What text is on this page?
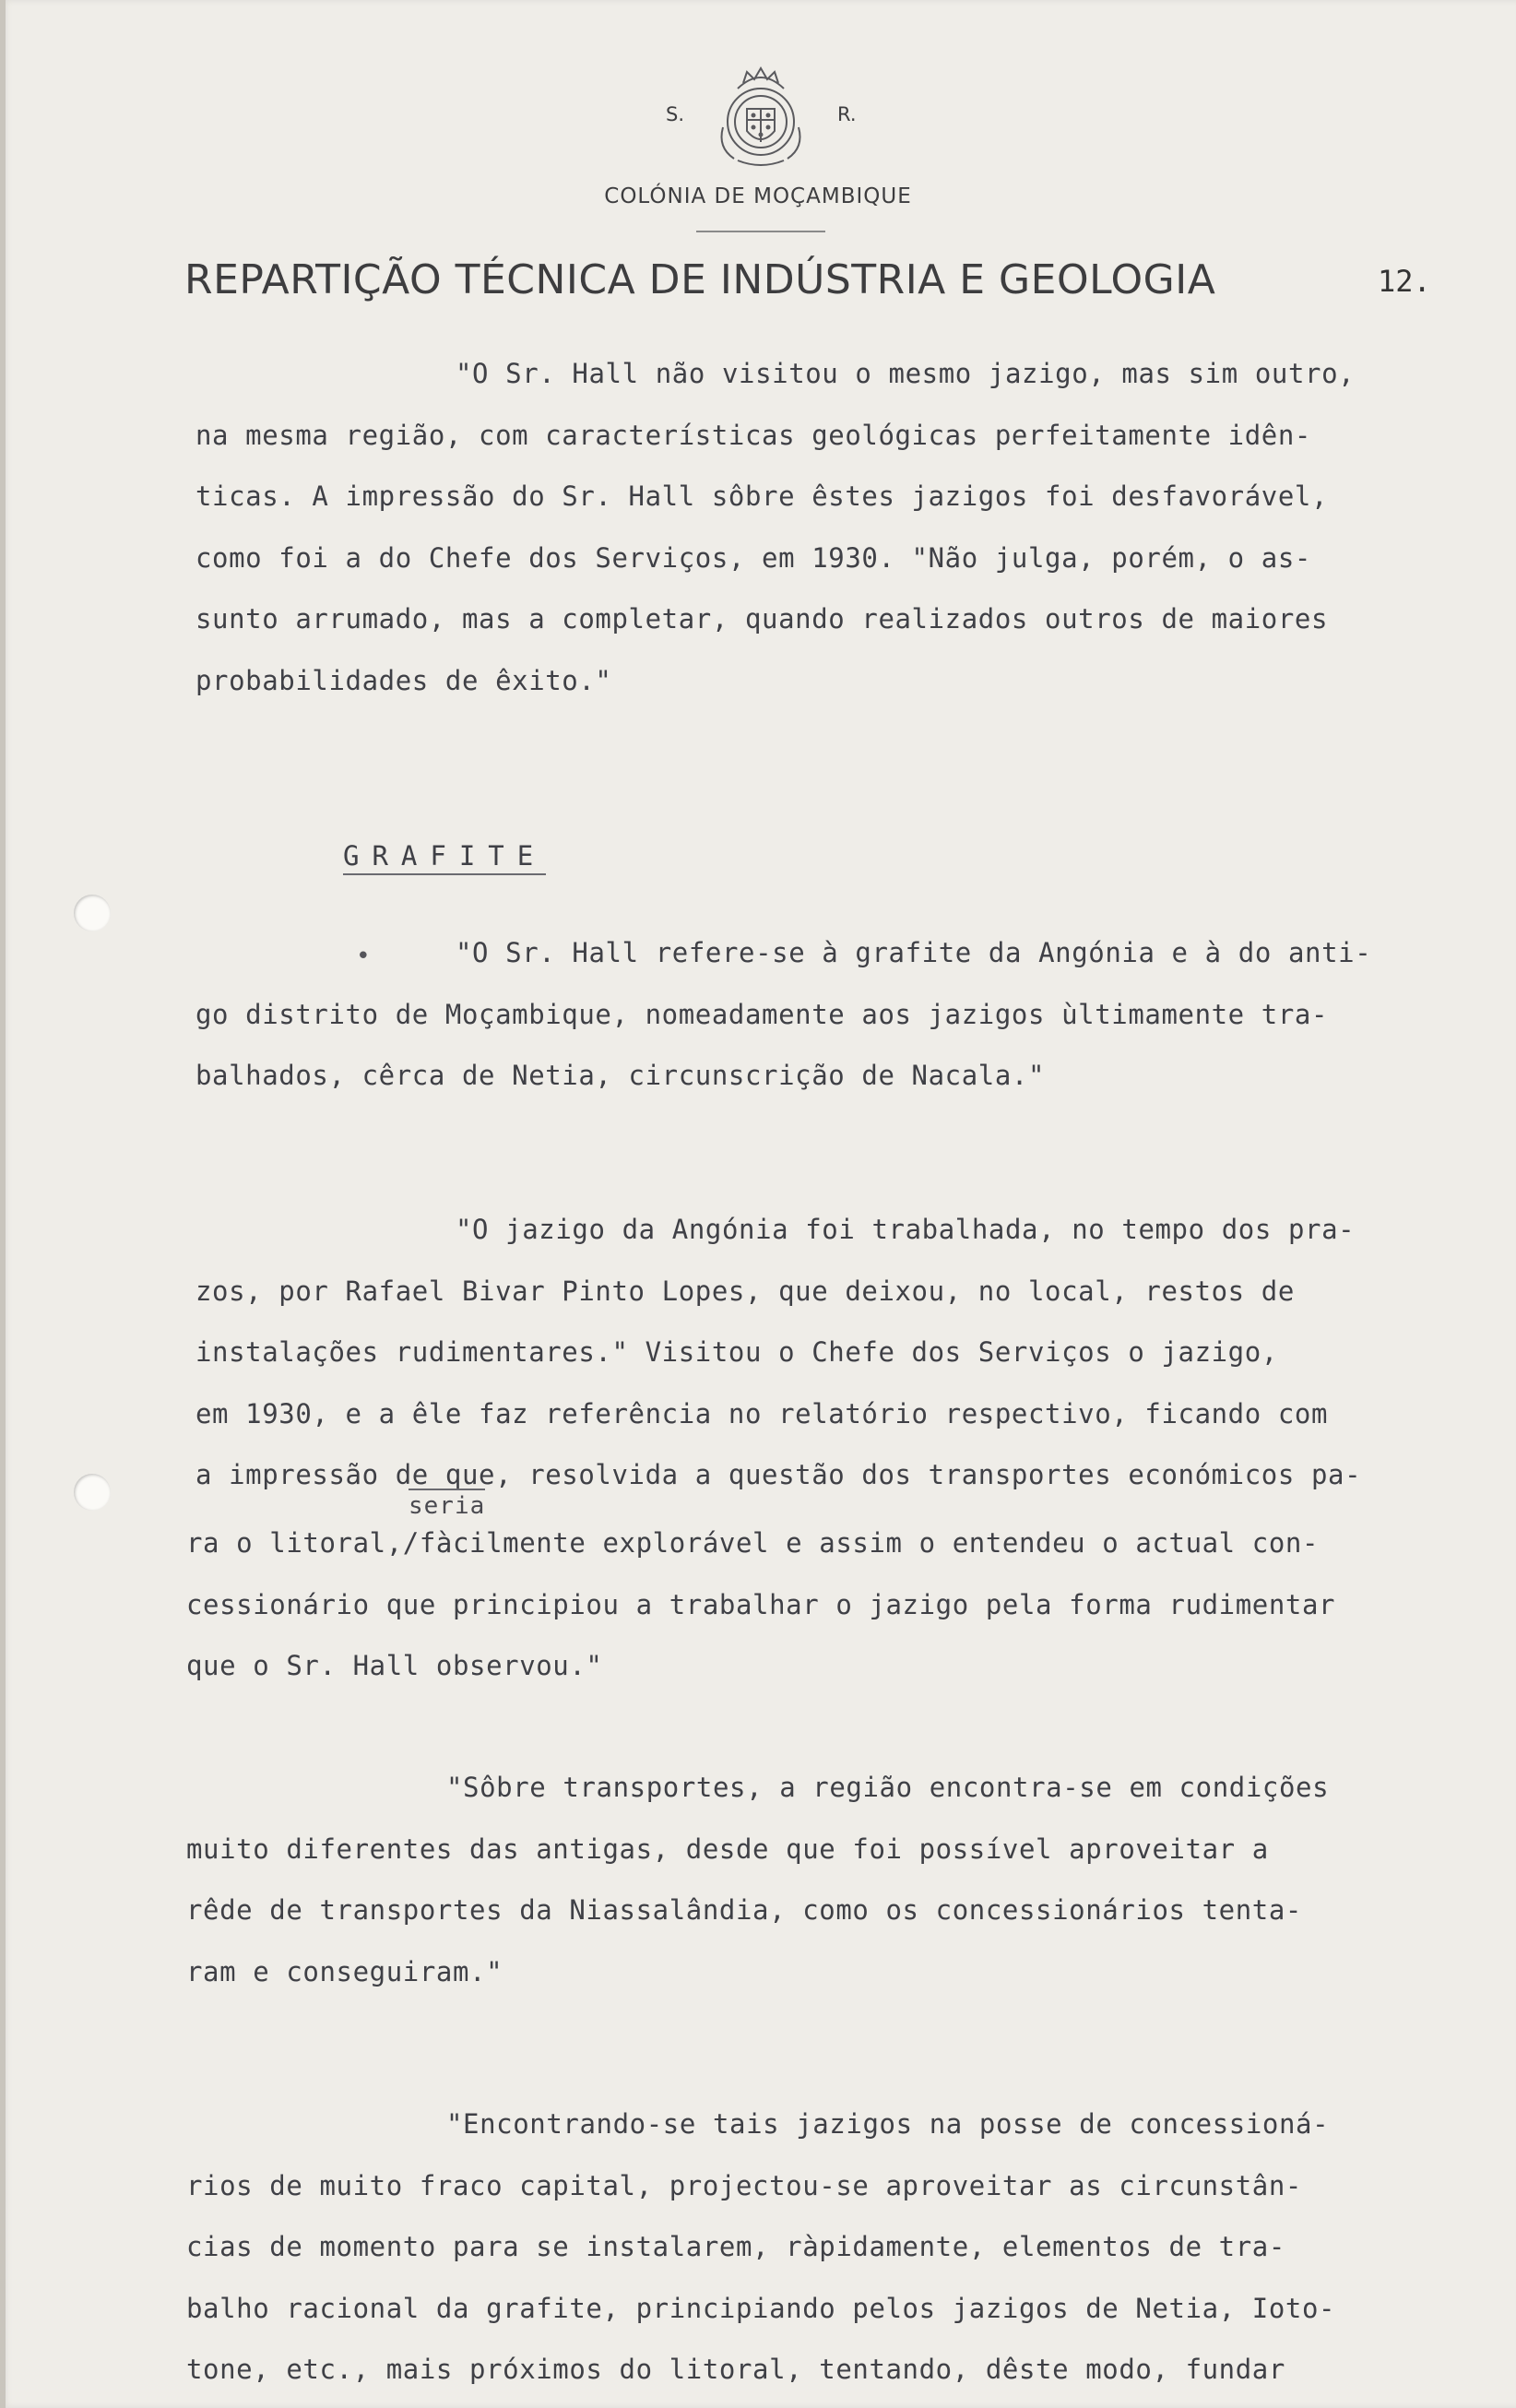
S.	R.
COLÓNIA DE MOÇAMBIQUE
REPARTIÇÃO TÉCNICA DE INDÚSTRIA E GEOLOGIA	12.
"O Sr. Hall não visitou o mesmo jazigo, mas sim outro,
na mesma região, com características geológicas perfeitamente idên-
ticas. A impressão do Sr. Hall sôbre êstes jazigos foi desfavorável,
como foi a do Chefe dos Serviços, em 1930. "Não julga, porém, o as-
sunto arrumado, mas a completar, quando realizados outros de maiores
probabilidades de êxito."
GRAFITE
•	"O Sr. Hall refere-se à grafite da Angónia e à do anti-
go distrito de Moçambique, nomeadamente aos jazigos ùltimamente tra-
balhados, cêrca de Netia, circunscrição de Nacala."
"O jazigo da Angónia foi trabalhada, no tempo dos pra-
zos, por Rafael Bivar Pinto Lopes, que deixou, no local, restos de
instalações rudimentares." Visitou o Chefe dos Serviços o jazigo,
em 1930, e a êle faz referência no relatório respectivo, ficando com
a impressão de que, resolvida a questão dos transportes económicos pa-
seria
ra o litoral,/fàcilmente explorável e assim o entendeu o actual con-
cessionário que principiou a trabalhar o jazigo pela forma rudimentar
que o Sr. Hall observou."
"Sôbre transportes, a região encontra-se em condições
muito diferentes das antigas, desde que foi possível aproveitar a
rêde de transportes da Niassalândia, como os concessionários tenta-
ram e conseguiram."
"Encontrando-se tais jazigos na posse de concessioná-
rios de muito fraco capital, projectou-se aproveitar as circunstân-
cias de momento para se instalarem, ràpidamente, elementos de tra-
balho racional da grafite, principiando pelos jazigos de Netia, Ioto-
tone, etc., mais próximos do litoral, tentando, dêste modo, fundar
